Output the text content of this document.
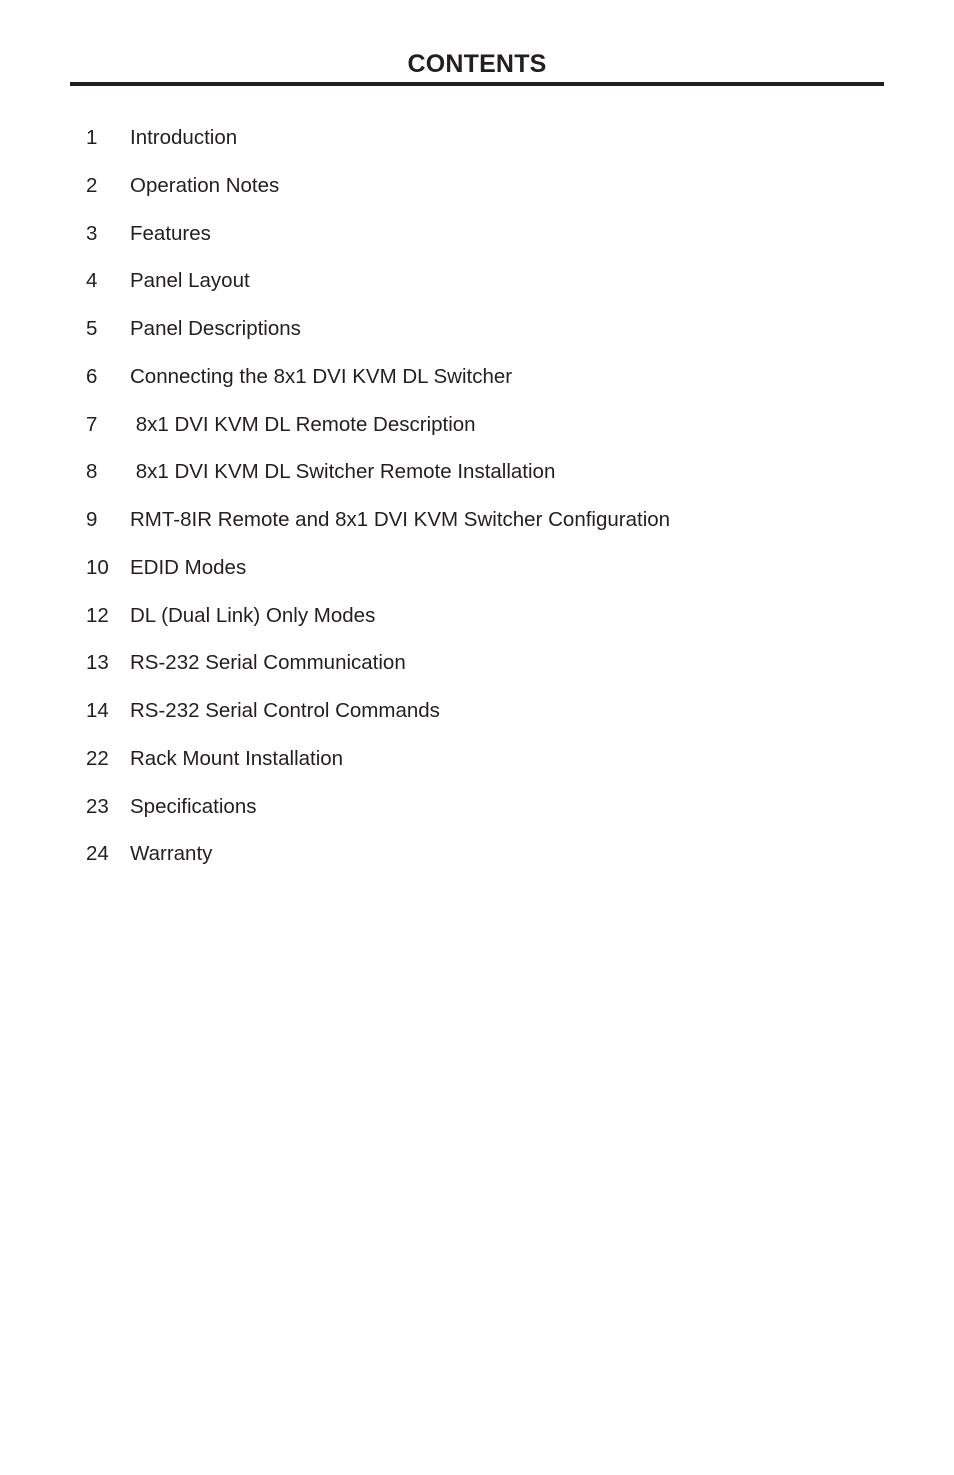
CONTENTS
1 Introduction
2 Operation Notes
3 Features
4 Panel Layout
5 Panel Descriptions
6 Connecting the 8x1 DVI KVM DL Switcher
7 8x1 DVI KVM DL Remote Description
8 8x1 DVI KVM DL Switcher Remote Installation
9 RMT-8IR Remote and 8x1 DVI KVM Switcher Configuration
10 EDID Modes
12 DL (Dual Link) Only Modes
13 RS-232 Serial Communication
14 RS-232 Serial Control Commands
22 Rack Mount Installation
23 Specifications
24 Warranty
